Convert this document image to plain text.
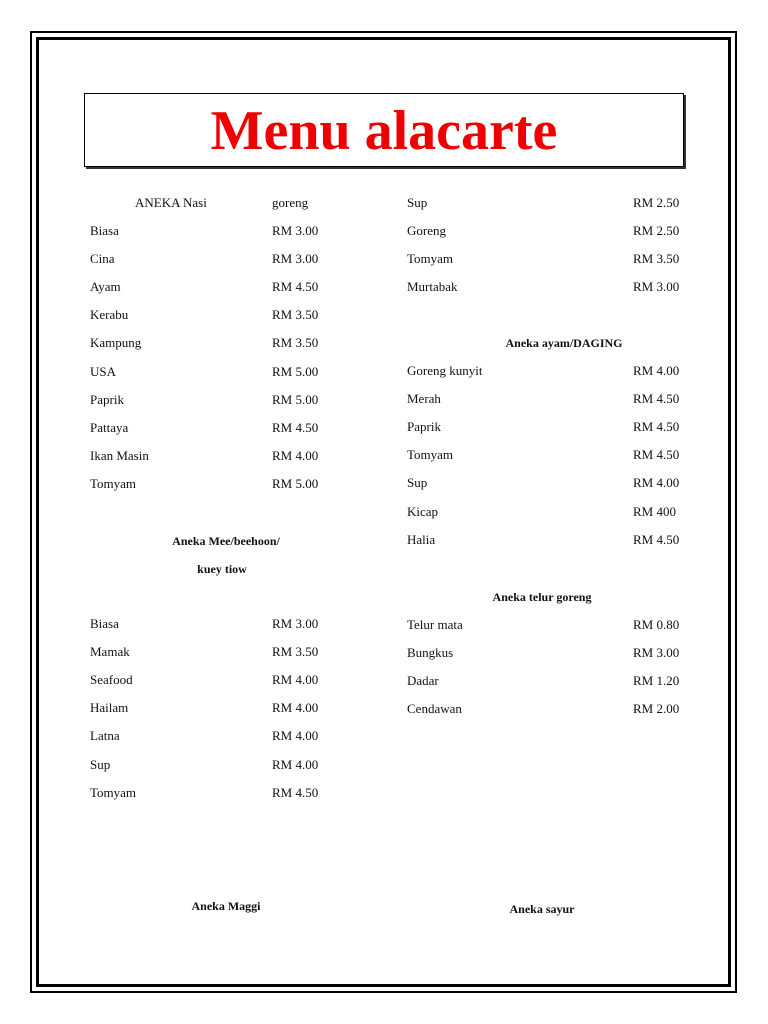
Menu alacarte
ANEKA Nasi	goreng
Biasa	RM 3.00
Cina	RM 3.00
Ayam	RM 4.50
Kerabu	RM 3.50
Kampung	RM 3.50
USA	RM 5.00
Paprik	RM 5.00
Pattaya	RM 4.50
Ikan Masin	RM 4.00
Tomyam	RM 5.00
Aneka Mee/beehoon/
kuey tiow
Biasa	RM 3.00
Mamak	RM 3.50
Seafood	RM 4.00
Hailam	RM 4.00
Latna	RM 4.00
Sup	RM 4.00
Tomyam	RM 4.50
Aneka Maggi
Sup	RM 2.50
Goreng	RM 2.50
Tomyam	RM 3.50
Murtabak	RM 3.00
Aneka ayam/DAGING
Goreng kunyit	RM 4.00
Merah	RM 4.50
Paprik	RM 4.50
Tomyam	RM 4.50
Sup	RM 4.00
Kicap	RM 400
Halia	RM 4.50
Aneka telur goreng
Telur mata	RM 0.80
Bungkus	RM 3.00
Dadar	RM 1.20
Cendawan	RM 2.00
Aneka sayur
